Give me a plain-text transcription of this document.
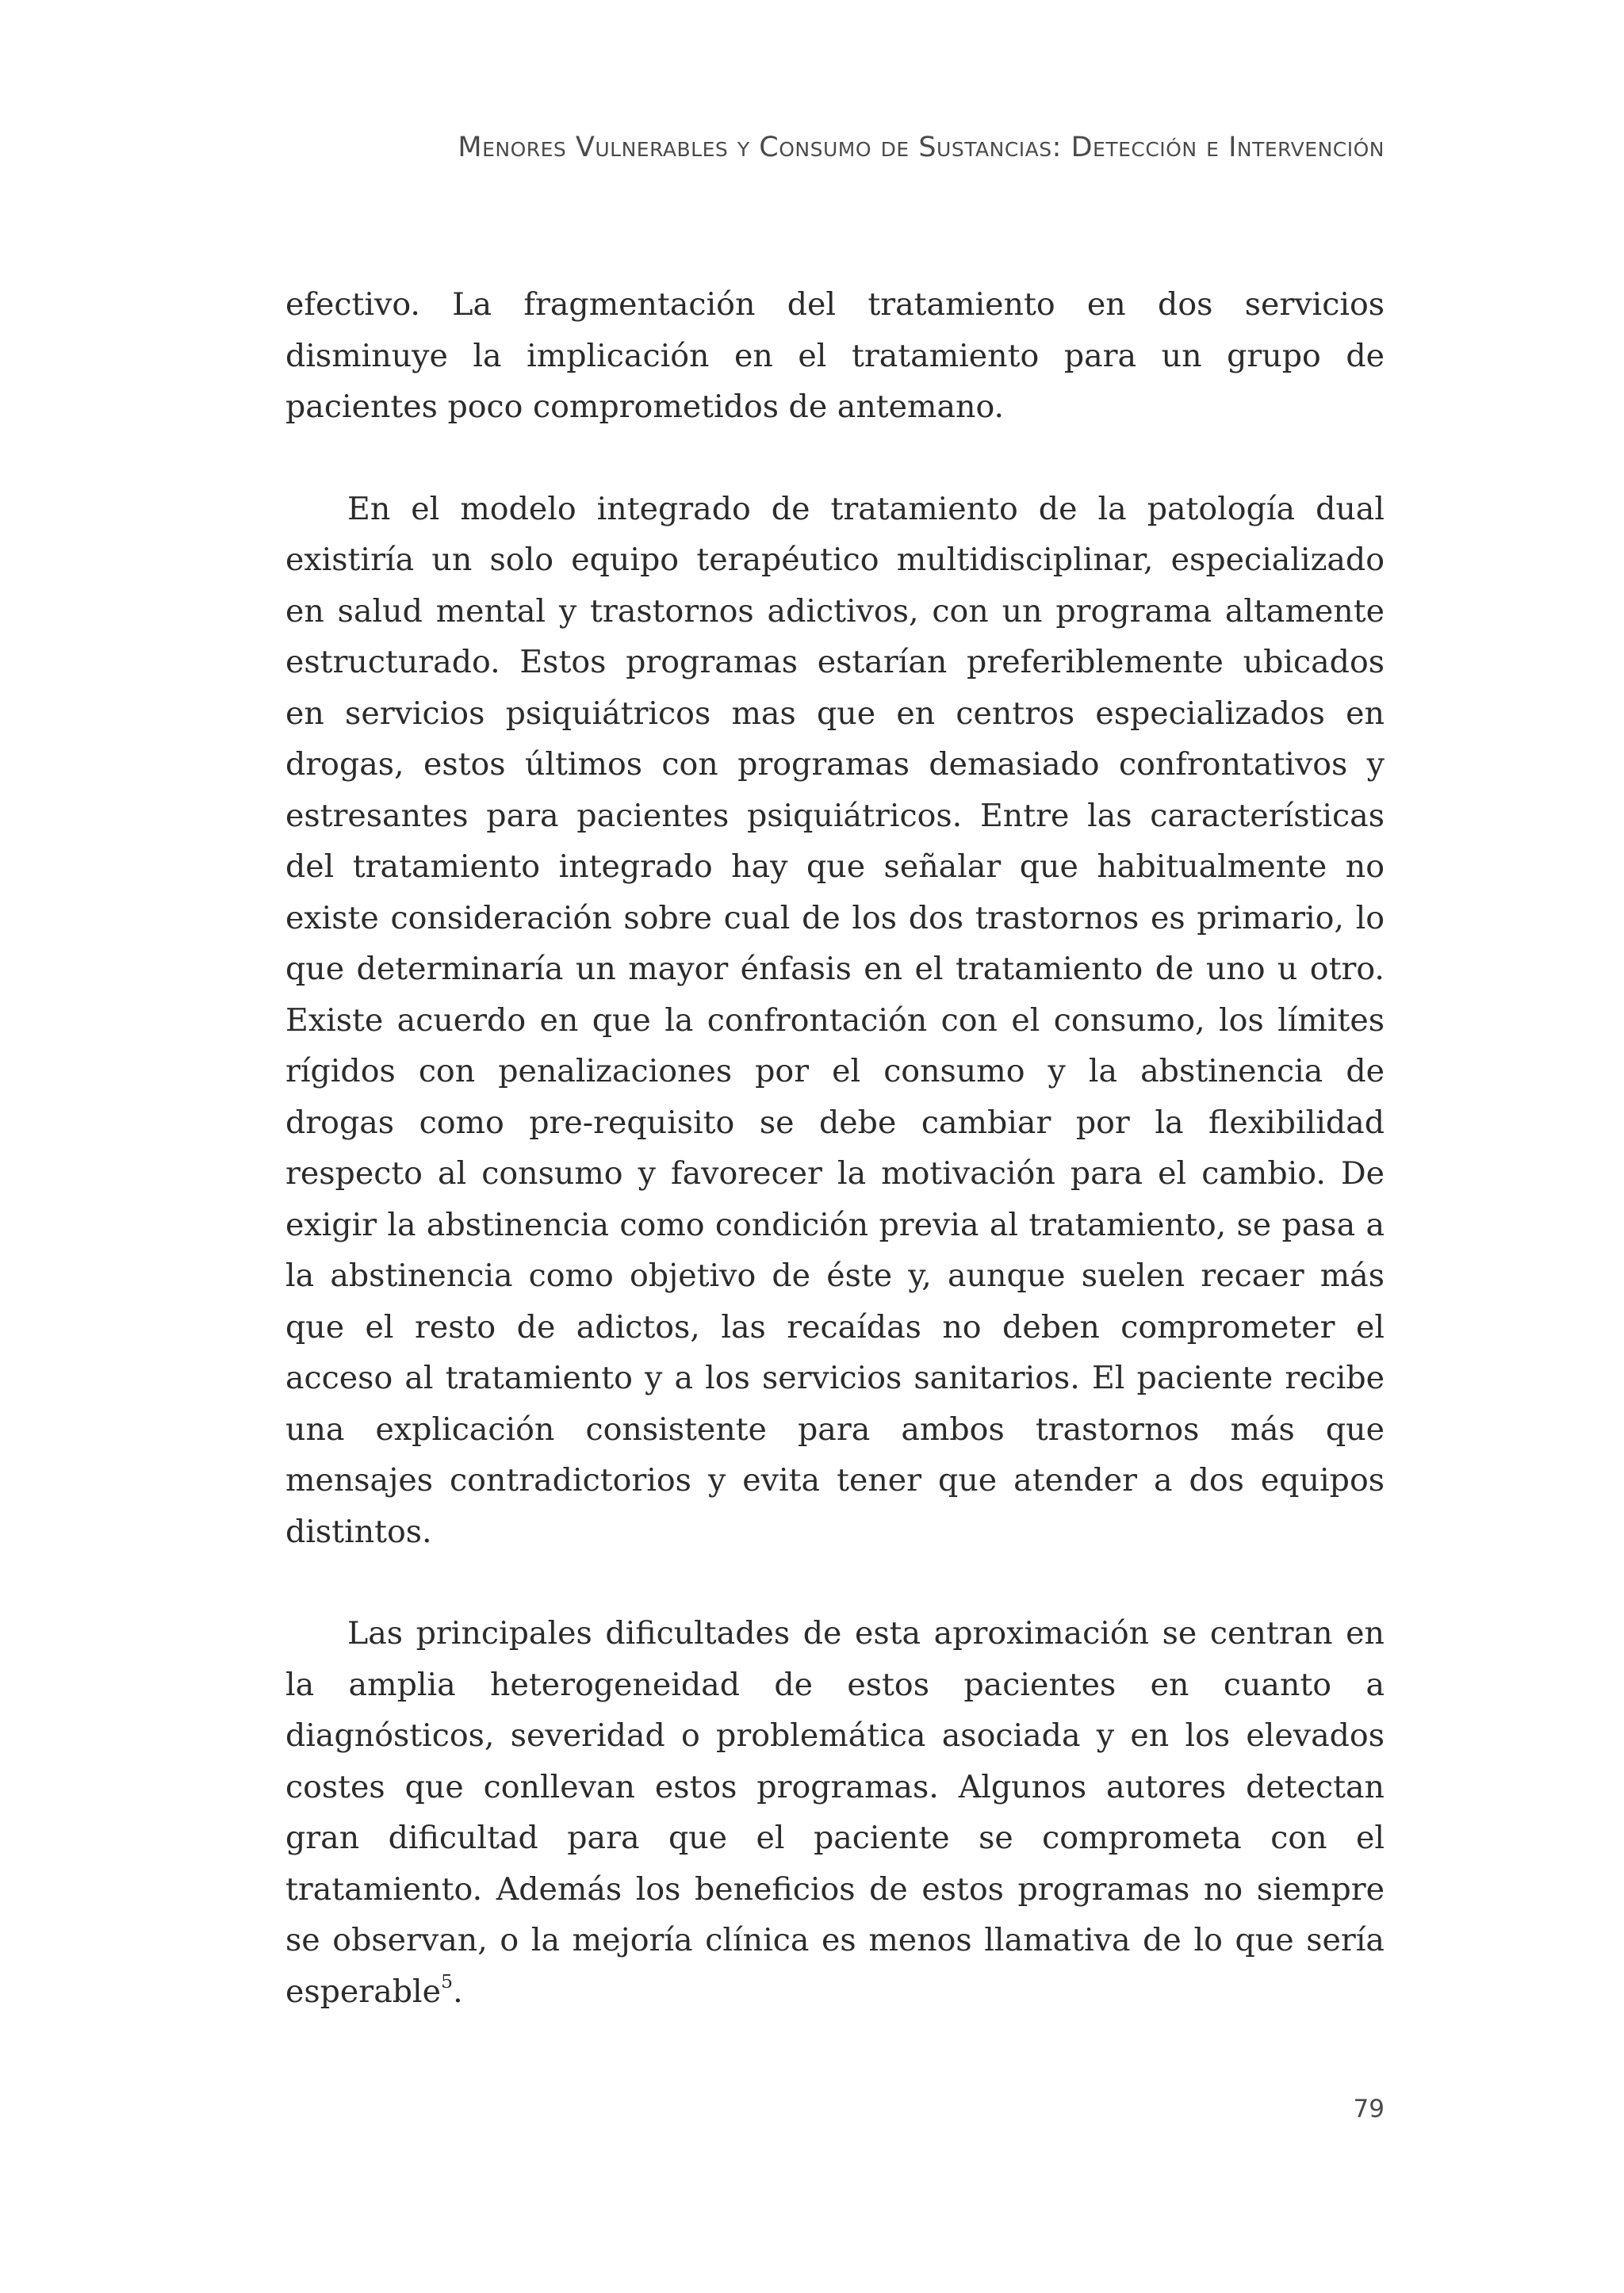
Menores Vulnerables y Consumo de Sustancias: Detección e Intervención

efectivo. La fragmentación del tratamiento en dos servicios disminuye la implicación en el tratamiento para un grupo de pacientes poco comprometidos de antemano.

En el modelo integrado de tratamiento de la patología dual existiría un solo equipo terapéutico multidisciplinar, especializado en salud mental y trastornos adictivos, con un programa altamente estructurado. Estos programas estarían preferiblemente ubicados en servicios psiquiátricos mas que en centros especializados en drogas, estos últimos con programas demasiado confrontativos y estresantes para pacientes psiquiátricos. Entre las características del tratamiento integrado hay que señalar que habitualmente no existe consideración sobre cual de los dos trastornos es primario, lo que determinaría un mayor énfasis en el tratamiento de uno u otro. Existe acuerdo en que la confrontación con el consumo, los límites rígidos con penalizaciones por el consumo y la abstinencia de drogas como pre-requisito se debe cambiar por la flexibilidad respecto al consumo y favorecer la motivación para el cambio. De exigir la abstinencia como condición previa al tratamiento, se pasa a la abstinencia como objetivo de éste y, aunque suelen recaer más que el resto de adictos, las recaídas no deben comprometer el acceso al tratamiento y a los servicios sanitarios. El paciente recibe una explicación consistente para ambos trastornos más que mensajes contradictorios y evita tener que atender a dos equipos distintos.

Las principales dificultades de esta aproximación se centran en la amplia heterogeneidad de estos pacientes en cuanto a diagnósticos, severidad o problemática asociada y en los elevados costes que conllevan estos programas. Algunos autores detectan gran dificultad para que el paciente se comprometa con el tratamiento. Además los beneficios de estos programas no siempre se observan, o la mejoría clínica es menos llamativa de lo que sería esperable$^5$.

79
